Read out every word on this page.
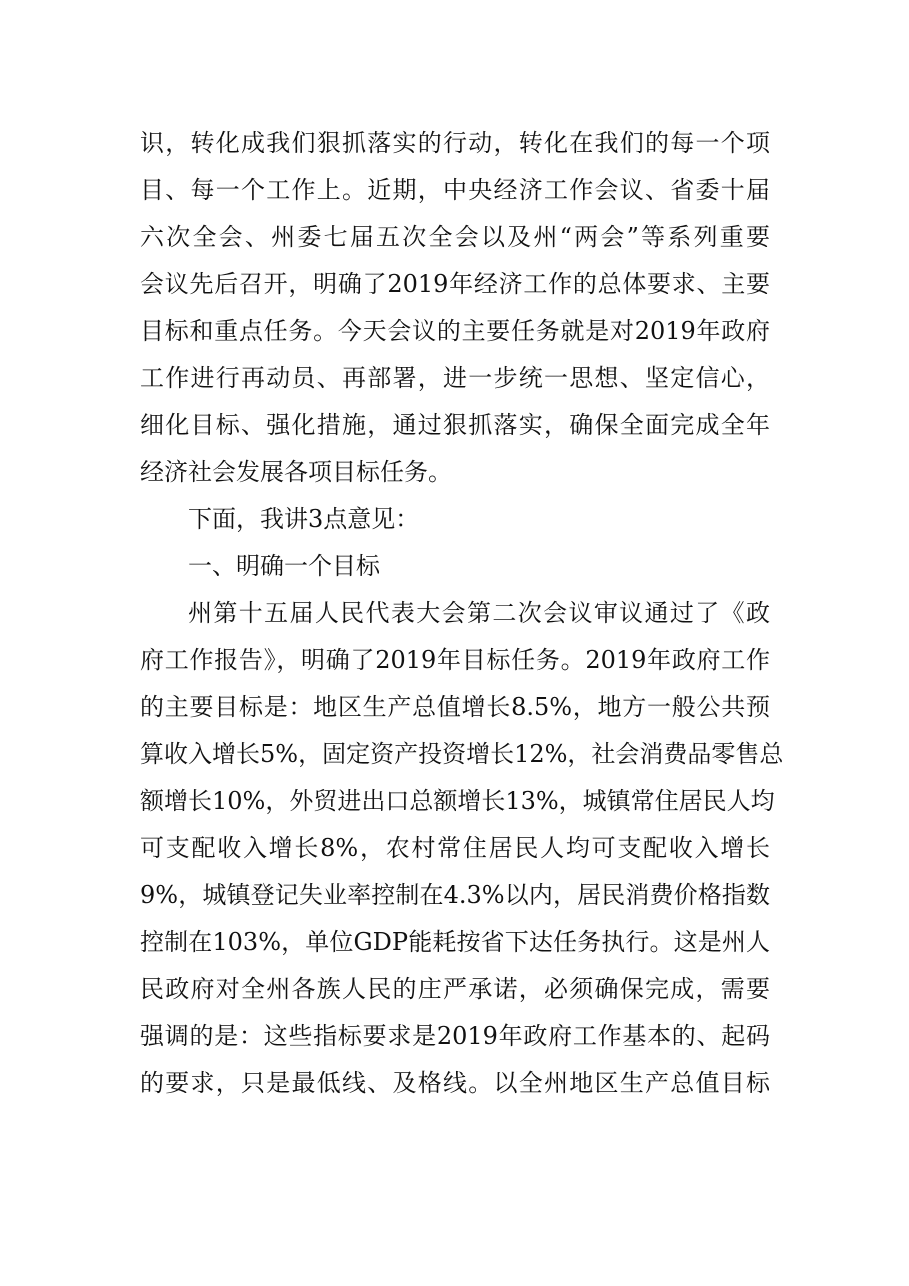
识，转化成我们狠抓落实的行动，转化在我们的每一个项
目、每一个工作上。近期，中央经济工作会议、省委十届
六次全会、州委七届五次全会以及州“两会”等系列重要
会议先后召开，明确了2019年经济工作的总体要求、主要
目标和重点任务。今天会议的主要任务就是对2019年政府
工作进行再动员、再部署，进一步统一思想、坚定信心，
细化目标、强化措施，通过狠抓落实，确保全面完成全年
经济社会发展各项目标任务。
下面，我讲3点意见：
一、明确一个目标
州第十五届人民代表大会第二次会议审议通过了《政
府工作报告》，明确了2019年目标任务。2019年政府工作
的主要目标是：地区生产总值增长8.5%，地方一般公共预
算收入增长5%，固定资产投资增长12%，社会消费品零售总
额增长10%，外贸进出口总额增长13%，城镇常住居民人均
可支配收入增长8%，农村常住居民人均可支配收入增长
9%，城镇登记失业率控制在4.3%以内，居民消费价格指数
控制在103%，单位GDP能耗按省下达任务执行。这是州人
民政府对全州各族人民的庄严承诺，必须确保完成，需要
强调的是：这些指标要求是2019年政府工作基本的、起码
的要求，只是最低线、及格线。以全州地区生产总值目标
